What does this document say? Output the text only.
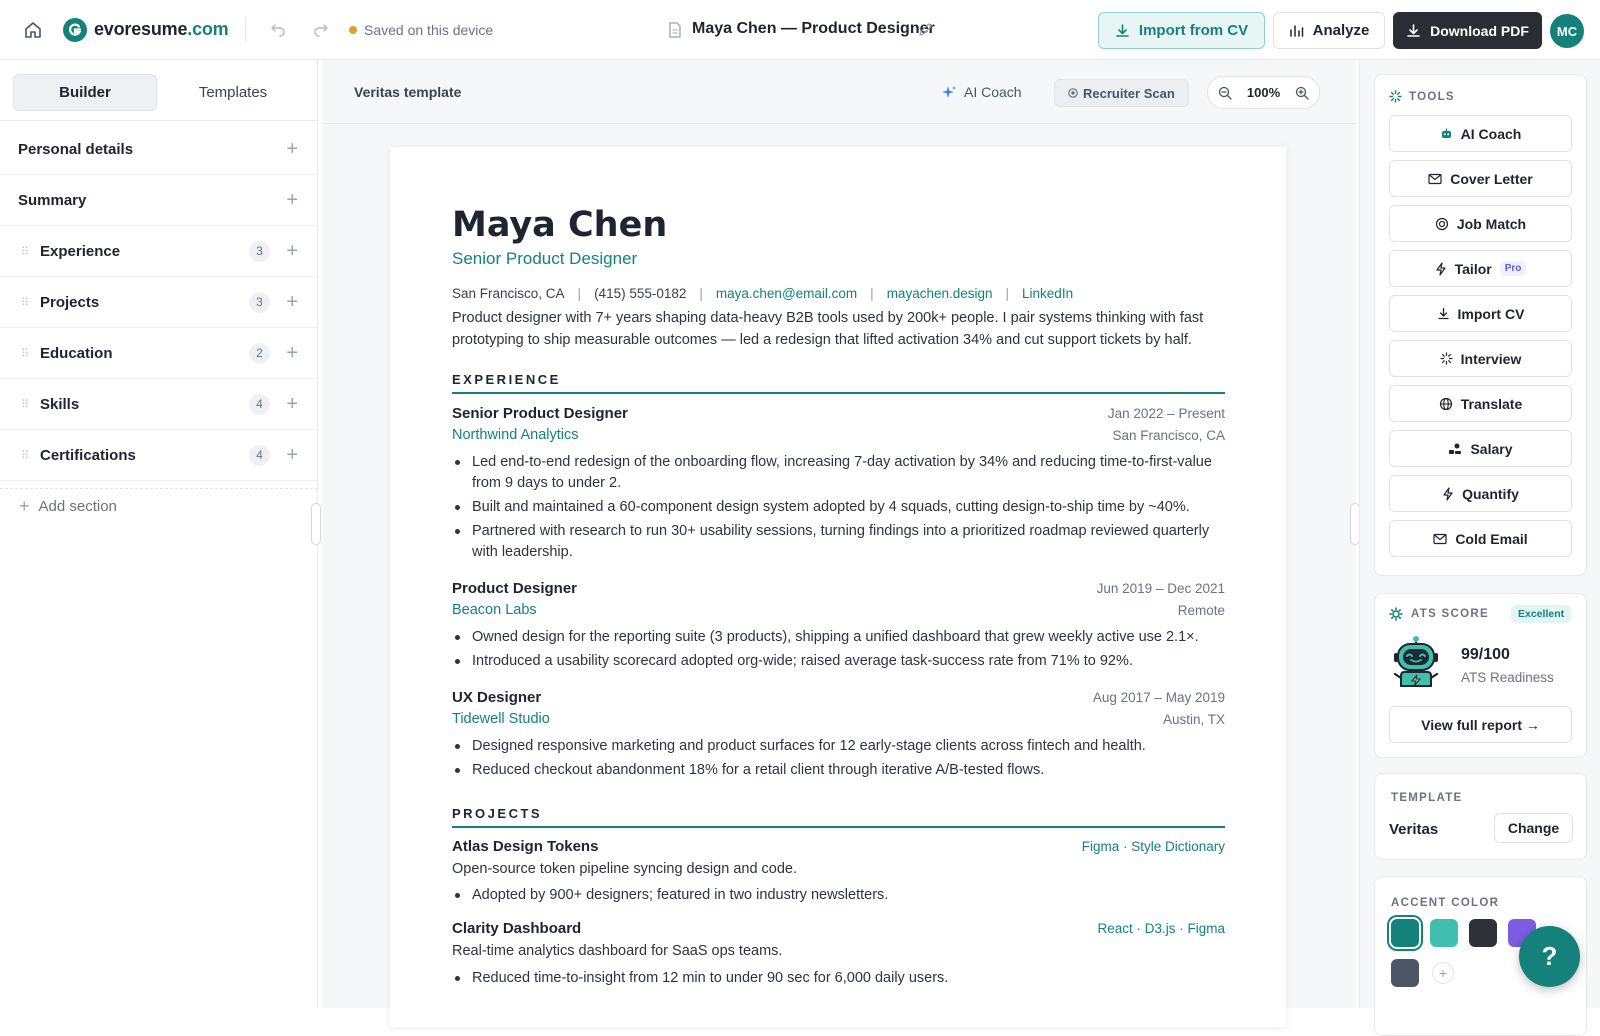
evoresume.com	Saved on this device	Maya Chen — Product Designer	Import from CV	Analyze	Download PDF	MC
Builder	Templates
Personal details	+
Summary	+
⠿ Experience	3	+
⠿ Projects	3	+
⠿ Education	2	+
⠿ Skills	4	+
⠿ Certifications	4	+
+ Add section
Veritas template	AI Coach	Recruiter Scan	100%
Maya Chen
Senior Product Designer
San Francisco, CA | (415) 555-0182 | maya.chen@email.com | mayachen.design | LinkedIn
Product designer with 7+ years shaping data-heavy B2B tools used by 200k+ people. I pair systems thinking with fast prototyping to ship measurable outcomes — led a redesign that lifted activation 34% and cut support tickets by half.
EXPERIENCE
Senior Product Designer	Jan 2022 – Present
Northwind Analytics	San Francisco, CA
Led end-to-end redesign of the onboarding flow, increasing 7-day activation by 34% and reducing time-to-first-value from 9 days to under 2.
Built and maintained a 60-component design system adopted by 4 squads, cutting design-to-ship time by ~40%.
Partnered with research to run 30+ usability sessions, turning findings into a prioritized roadmap reviewed quarterly with leadership.
Product Designer	Jun 2019 – Dec 2021
Beacon Labs	Remote
Owned design for the reporting suite (3 products), shipping a unified dashboard that grew weekly active use 2.1×.
Introduced a usability scorecard adopted org-wide; raised average task-success rate from 71% to 92%.
UX Designer	Aug 2017 – May 2019
Tidewell Studio	Austin, TX
Designed responsive marketing and product surfaces for 12 early-stage clients across fintech and health.
Reduced checkout abandonment 18% for a retail client through iterative A/B-tested flows.
PROJECTS
Atlas Design Tokens	Figma · Style Dictionary
Open-source token pipeline syncing design and code.
Adopted by 900+ designers; featured in two industry newsletters.
Clarity Dashboard	React · D3.js · Figma
Real-time analytics dashboard for SaaS ops teams.
Reduced time-to-insight from 12 min to under 90 sec for 6,000 daily users.
TOOLS
AI Coach
Cover Letter
Job Match
Tailor	Pro
Import CV
Interview
Translate
Salary
Quantify
Cold Email
ATS SCORE	Excellent
99/100
ATS Readiness
View full report →
TEMPLATE
Veritas	Change
ACCENT COLOR
+
?
